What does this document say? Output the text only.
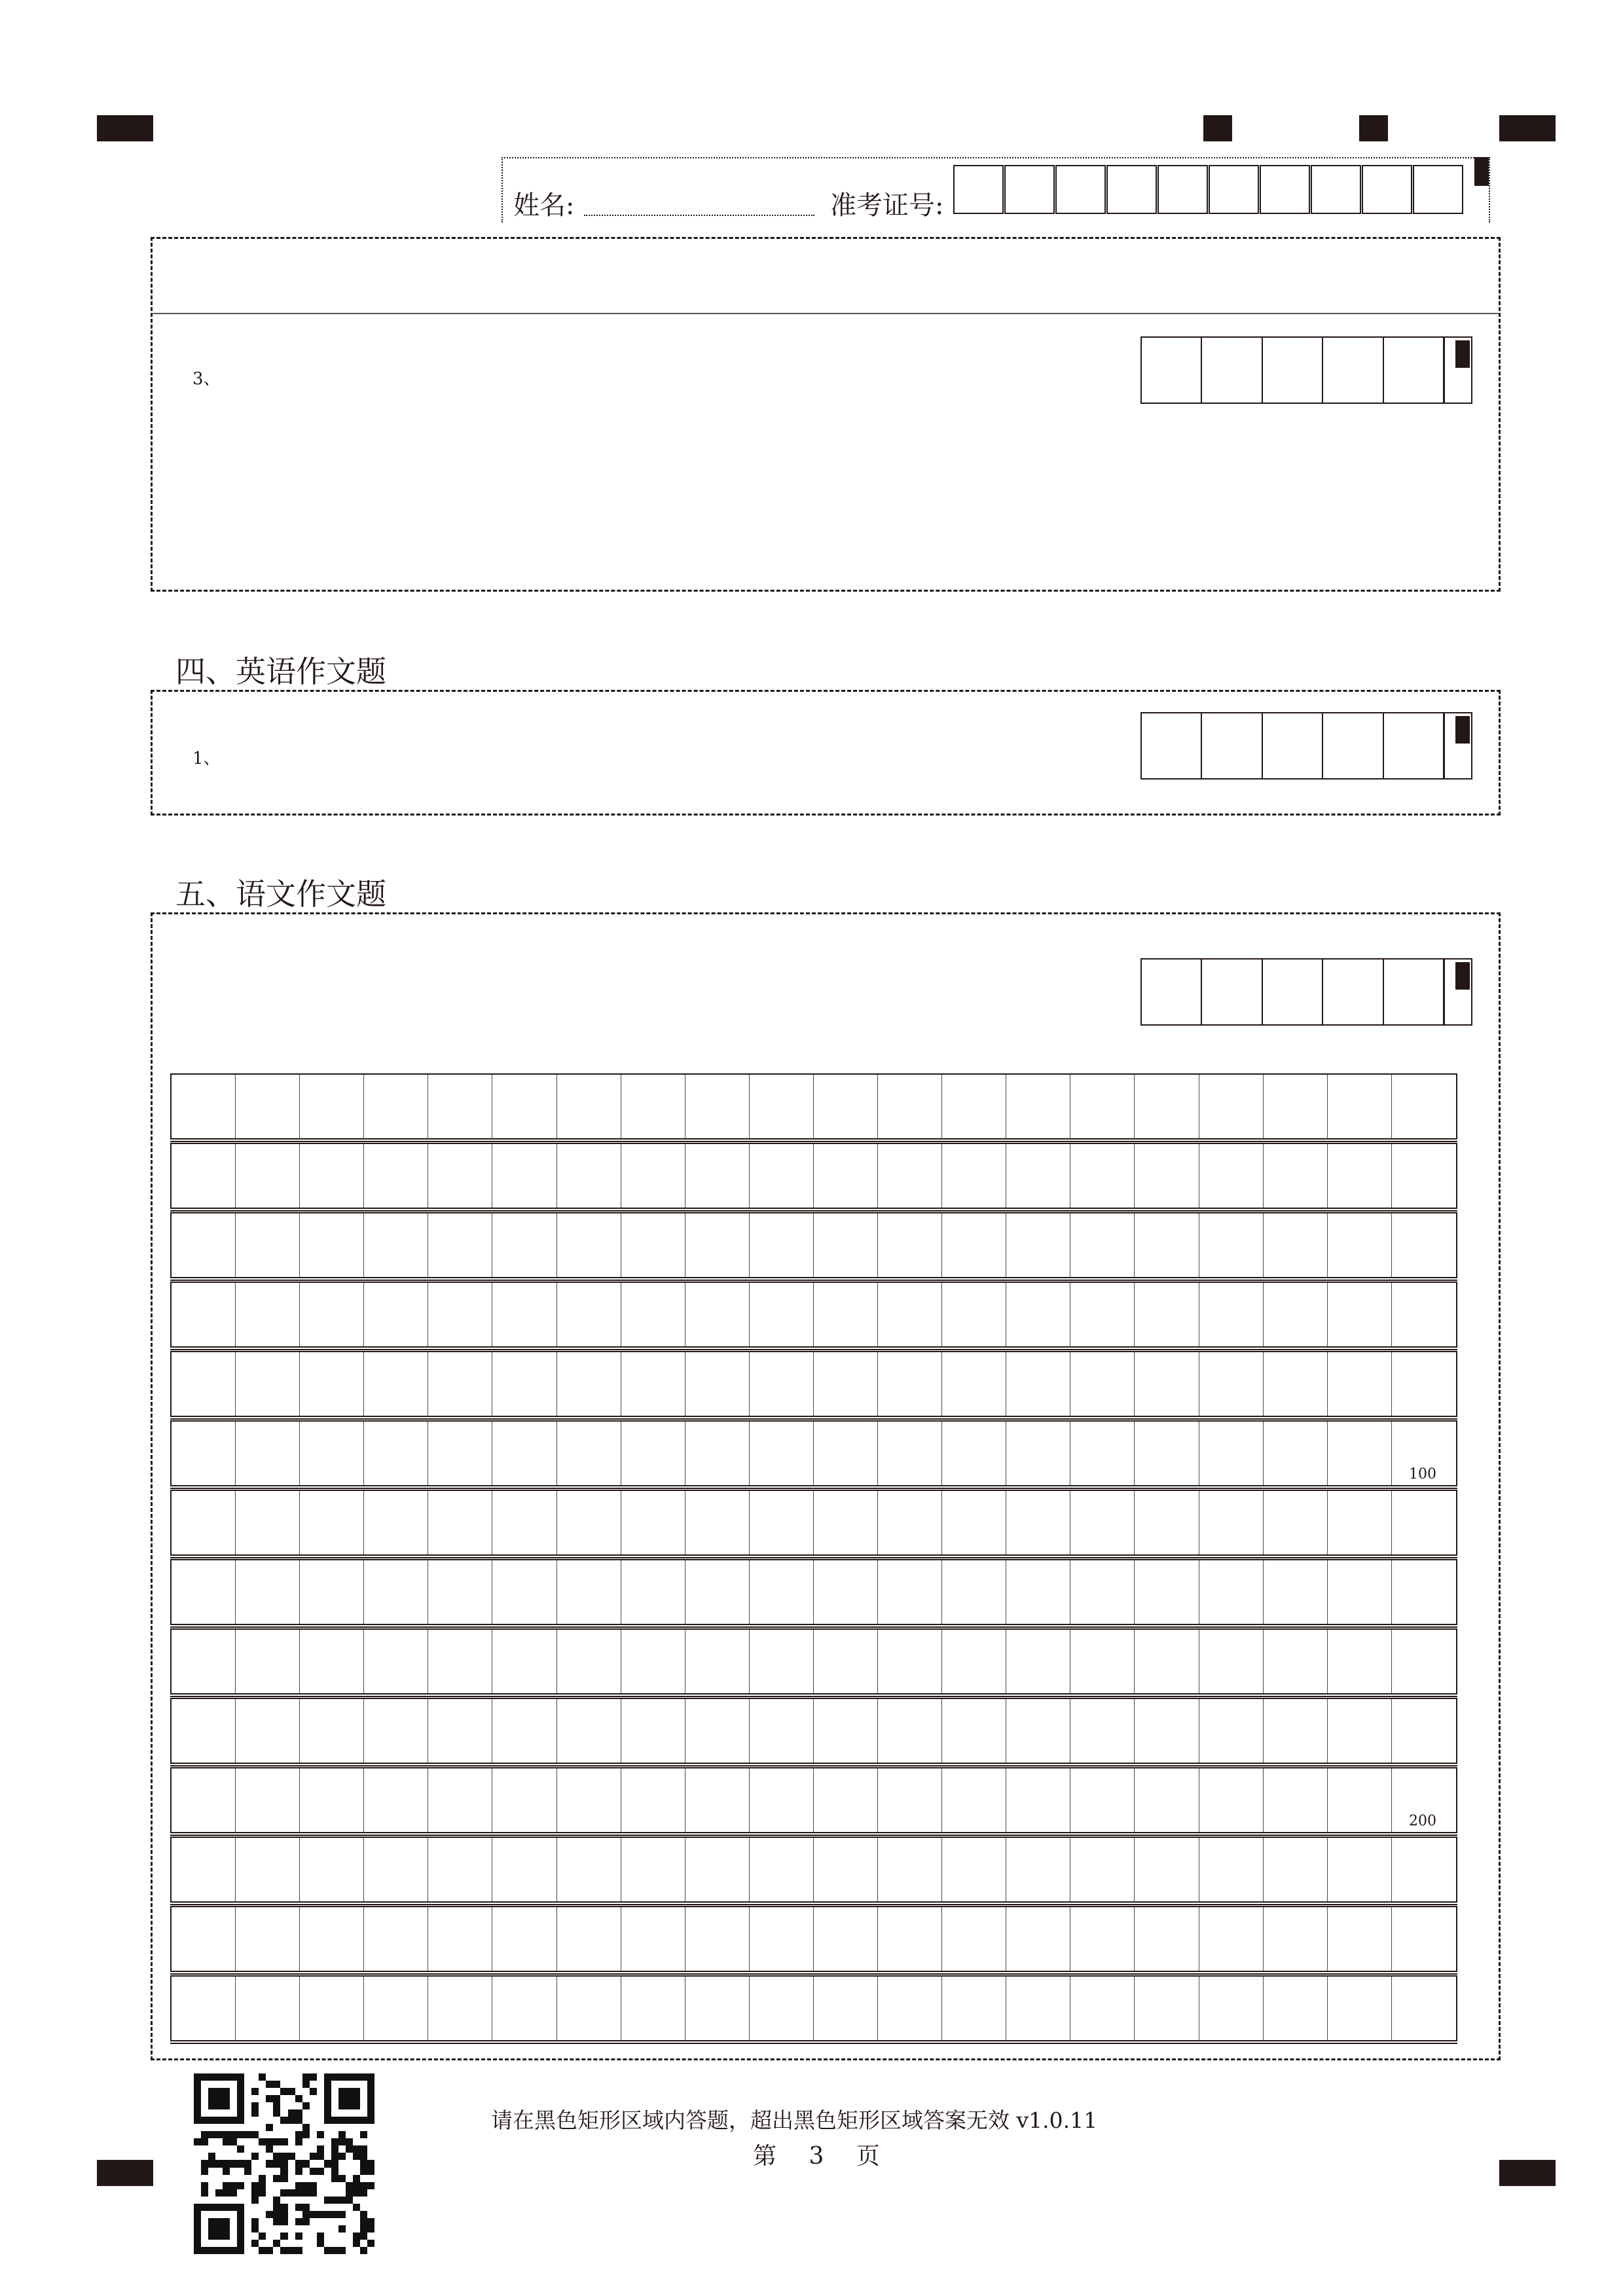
姓名:	准考证号:
3、
四、英语作文题
1、
五、语文作文题
100
200
请在黑色矩形区域内答题，超出黑色矩形区域答案无效 v1.0.11
第 3 页
